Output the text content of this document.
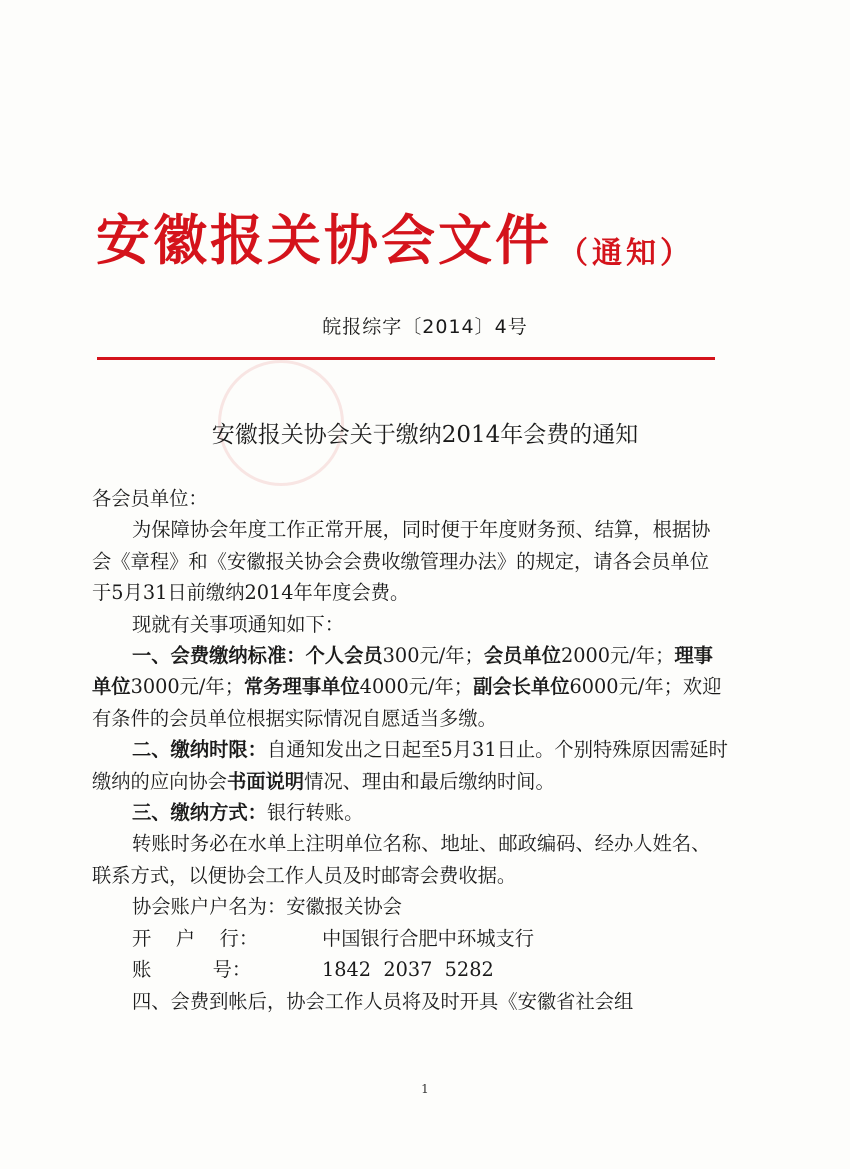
安徽报关协会文件 （通知）
皖报综字〔2014〕4号
安徽报关协会关于缴纳2014年会费的通知

各会员单位：

为保障协会年度工作正常开展，同时便于年度财务预、结算，根据协会《章程》和《安徽报关协会会费收缴管理办法》的规定，请各会员单位于5月31日前缴纳2014年年度会费。

现就有关事项通知如下：

一、会费缴纳标准：个人会员300元/年；会员单位2000元/年；理事单位3000元/年；常务理事单位4000元/年；副会长单位6000元/年；欢迎有条件的会员单位根据实际情况自愿适当多缴。

二、缴纳时限：自通知发出之日起至5月31日止。个别特殊原因需延时缴纳的应向协会书面说明情况、理由和最后缴纳时间。

三、缴纳方式：银行转账。

转账时务必在水单上注明单位名称、地址、邮政编码、经办人姓名、联系方式，以便协会工作人员及时邮寄会费收据。

协会账户户名为：安徽报关协会

开    户    行：	中国银行合肥中环城支行

账          号：	1842  2037  5282

四、会费到帐后，协会工作人员将及时开具《安徽省社会组

1
